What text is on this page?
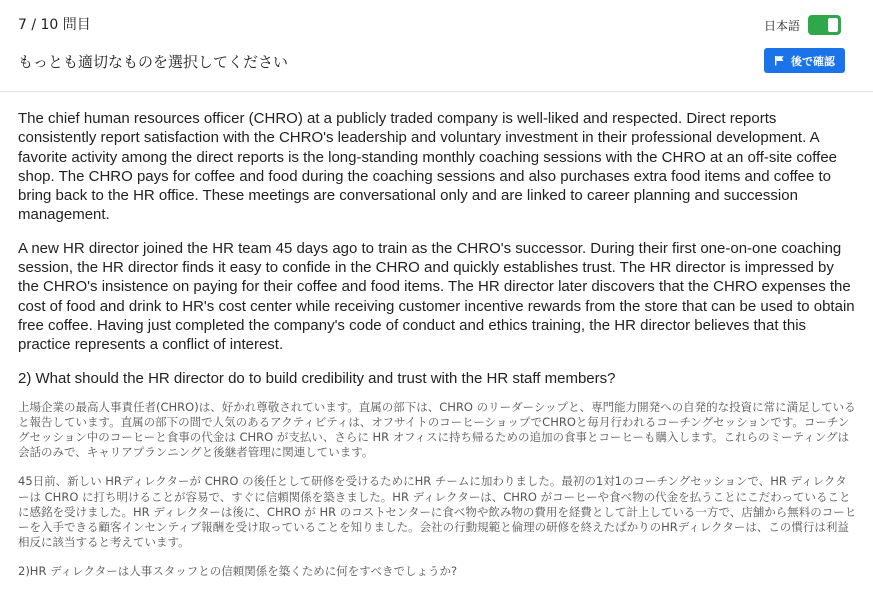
7 / 10 問目
もっとも適切なものを選択してください
日本語
後で確認

The chief human resources officer (CHRO) at a publicly traded company is well-liked and respected. Direct reports consistently report satisfaction with the CHRO's leadership and voluntary investment in their professional development. A favorite activity among the direct reports is the long-standing monthly coaching sessions with the CHRO at an off-site coffee shop. The CHRO pays for coffee and food during the coaching sessions and also purchases extra food items and coffee to bring back to the HR office. These meetings are conversational only and are linked to career planning and succession management.

A new HR director joined the HR team 45 days ago to train as the CHRO's successor. During their first one-on-one coaching session, the HR director finds it easy to confide in the CHRO and quickly establishes trust. The HR director is impressed by the CHRO's insistence on paying for their coffee and food items. The HR director later discovers that the CHRO expenses the cost of food and drink to HR's cost center while receiving customer incentive rewards from the store that can be used to obtain free coffee. Having just completed the company's code of conduct and ethics training, the HR director believes that this practice represents a conflict of interest.

2) What should the HR director do to build credibility and trust with the HR staff members?

上場企業の最高人事責任者(CHRO)は、好かれ尊敬されています。直属の部下は、CHRO のリーダーシップと、専門能力開発への自発的な投資に常に満足していると報告しています。直属の部下の間で人気のあるアクティビティは、オフサイトのコーヒーショップでCHROと毎月行われるコーチングセッションです。コーチングセッション中のコーヒーと食事の代金は CHRO が支払い、さらに HR オフィスに持ち帰るための追加の食事とコーヒーも購入します。これらのミーティングは会話のみで、キャリアプランニングと後継者管理に関連しています。

45日前、新しい HRディレクターが CHRO の後任として研修を受けるためにHR チームに加わりました。最初の1対1のコーチングセッションで、HR ディレクターは CHRO に打ち明けることが容易で、すぐに信頼関係を築きました。HR ディレクターは、CHRO がコーヒーや食べ物の代金を払うことにこだわっていることに感銘を受けました。HR ディレクターは後に、CHRO が HR のコストセンターに食べ物や飲み物の費用を経費として計上している一方で、店舗から無料のコーヒーを入手できる顧客インセンティブ報酬を受け取っていることを知りました。会社の行動規範と倫理の研修を終えたばかりのHRディレクターは、この慣行は利益相反に該当すると考えています。

2)HR ディレクターは人事スタッフとの信頼関係を築くために何をすべきでしょうか?
